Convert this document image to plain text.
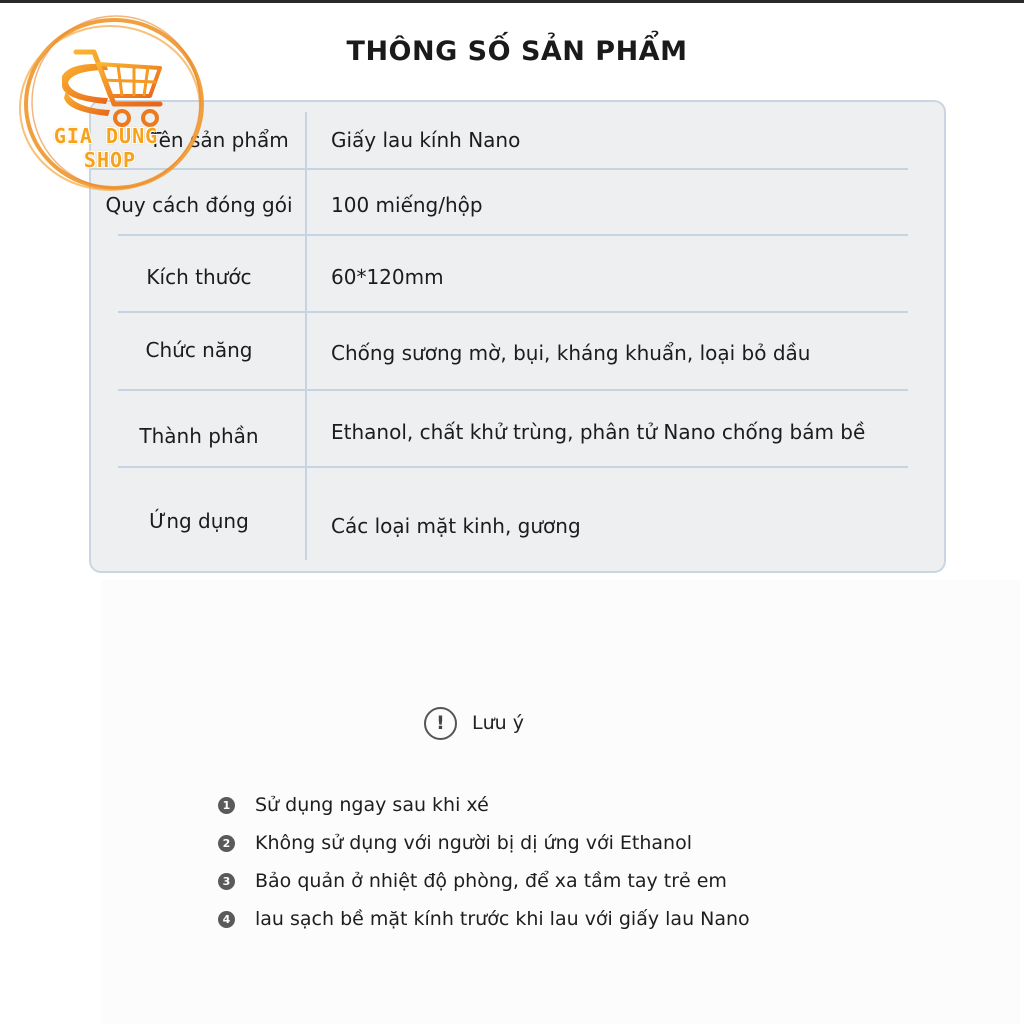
THÔNG SỐ SẢN PHẨM
Tên sản phẩm	Giấy lau kính Nano
Quy cách đóng gói	100 miếng/hộp
Kích thước	60*120mm
Chức năng	Chống sương mờ, bụi, kháng khuẩn, loại bỏ dầu
Thành phần	Ethanol, chất khử trùng, phân tử Nano chống bám bề
Ứng dụng	Các loại mặt kinh, gương
GIA DUNG
SHOP
!	Lưu ý
1 Sử dụng ngay sau khi xé
2 Không sử dụng với người bị dị ứng với Ethanol
3 Bảo quản ở nhiệt độ phòng, để xa tầm tay trẻ em
4 lau sạch bề mặt kính trước khi lau với giấy lau Nano
